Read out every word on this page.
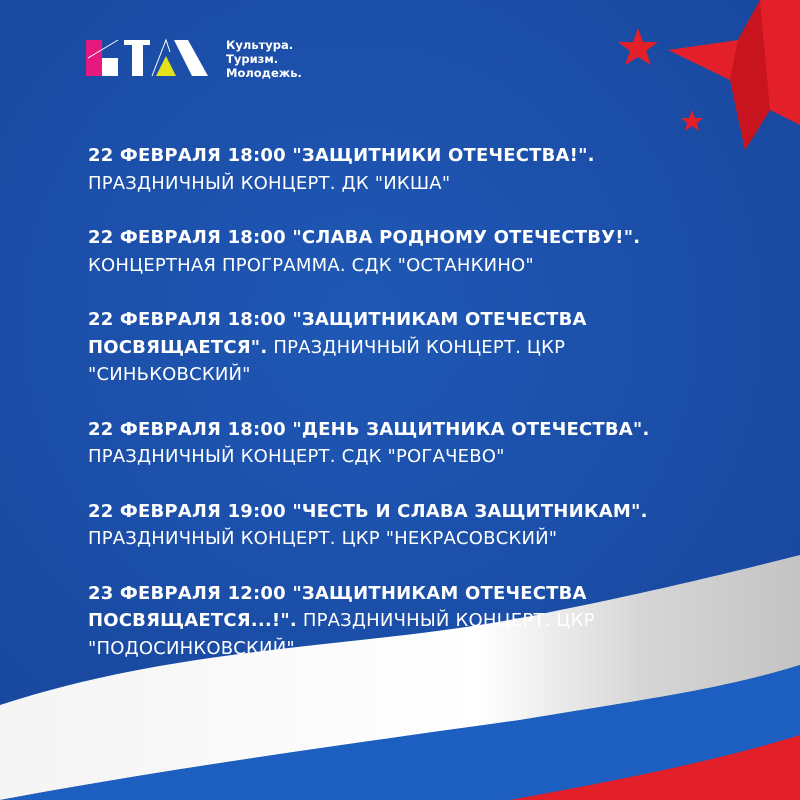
Культура.
Туризм.
Молодежь.
22 ФЕВРАЛЯ 18:00 "ЗАЩИТНИКИ ОТЕЧЕСТВА!".
ПРАЗДНИЧНЫЙ КОНЦЕРТ. ДК "ИКША"
22 ФЕВРАЛЯ 18:00 "СЛАВА РОДНОМУ ОТЕЧЕСТВУ!".
КОНЦЕРТНАЯ ПРОГРАММА. СДК "ОСТАНКИНО"
22 ФЕВРАЛЯ 18:00 "ЗАЩИТНИКАМ ОТЕЧЕСТВА ПОСВЯЩАЕТСЯ". ПРАЗДНИЧНЫЙ КОНЦЕРТ. ЦКР "СИНЬКОВСКИЙ"
22 ФЕВРАЛЯ 18:00 "ДЕНЬ ЗАЩИТНИКА ОТЕЧЕСТВА".
ПРАЗДНИЧНЫЙ КОНЦЕРТ. СДК "РОГАЧЕВО"
22 ФЕВРАЛЯ 19:00 "ЧЕСТЬ И СЛАВА ЗАЩИТНИКАМ".
ПРАЗДНИЧНЫЙ КОНЦЕРТ. ЦКР "НЕКРАСОВСКИЙ"
23 ФЕВРАЛЯ 12:00 "ЗАЩИТНИКАМ ОТЕЧЕСТВА ПОСВЯЩАЕТСЯ...!". ПРАЗДНИЧНЫЙ КОНЦЕРТ. ЦКР "ПОДОСИНКОВСКИЙ"
